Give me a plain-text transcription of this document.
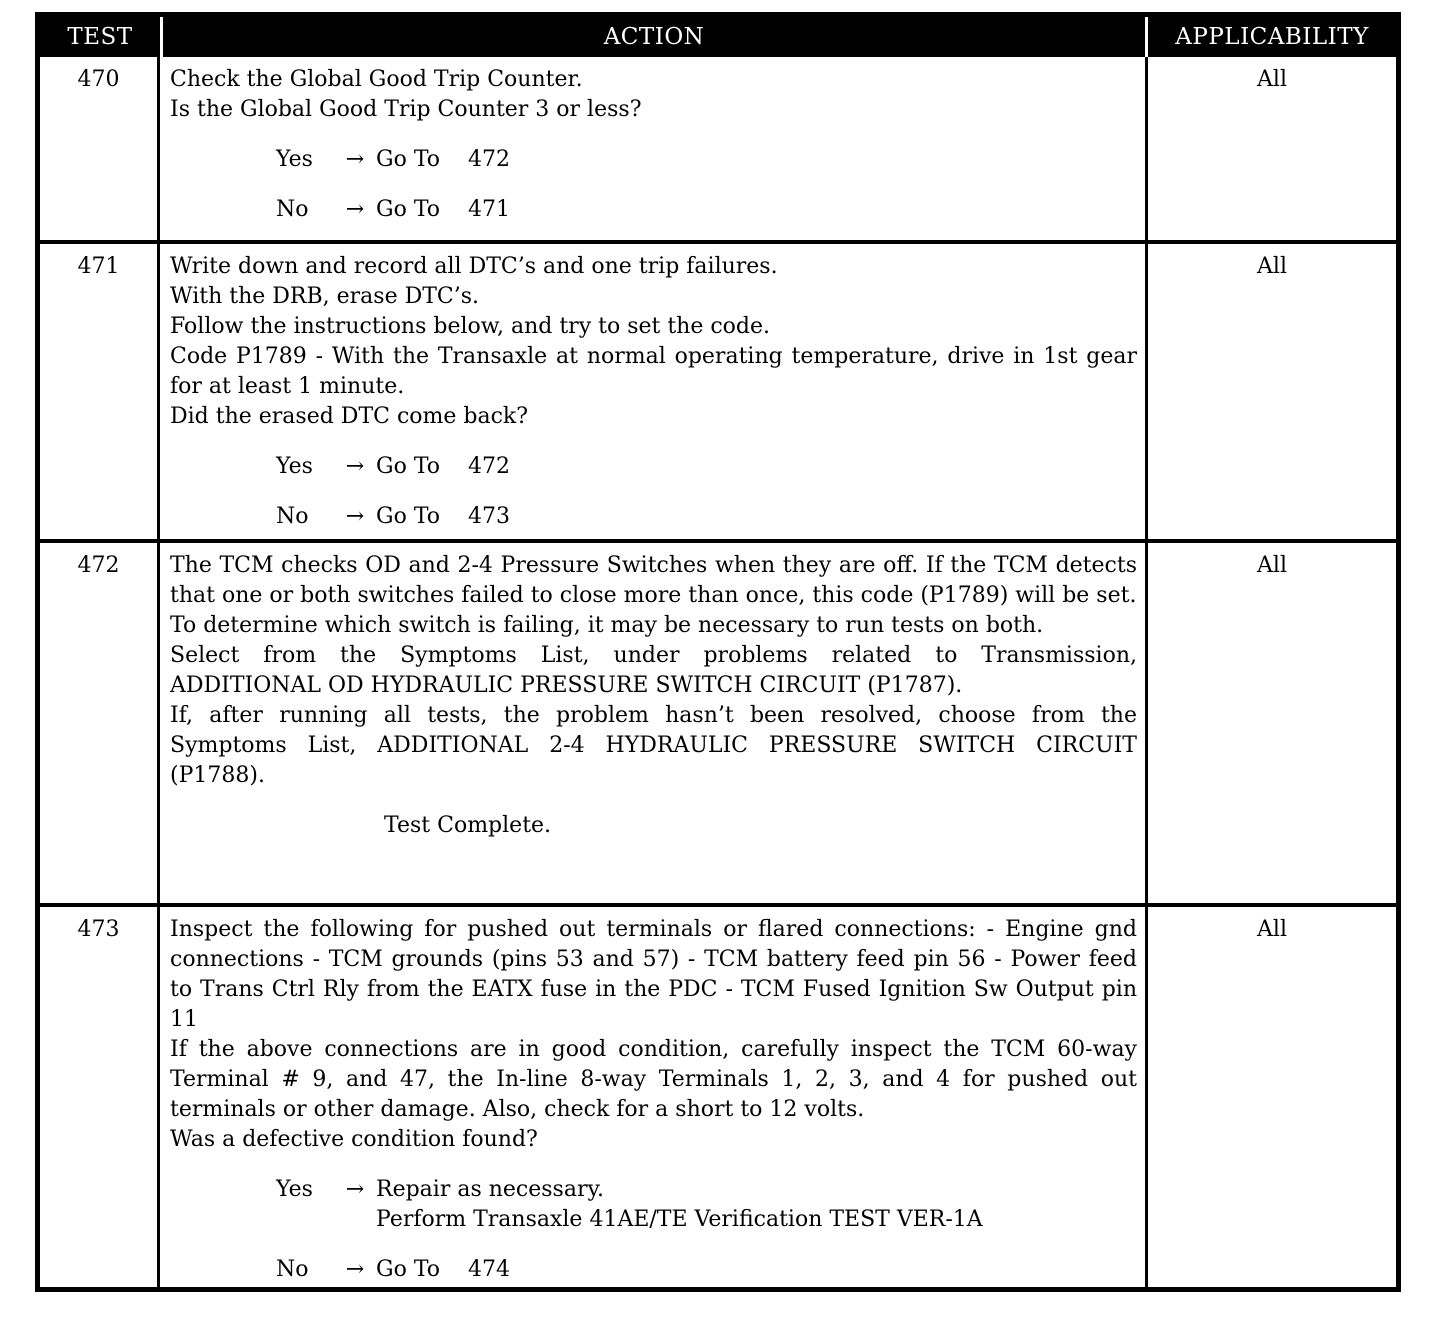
TEST	ACTION	APPLICABILITY
470	Check the Global Good Trip Counter.
Is the Global Good Trip Counter 3 or less?
Yes	→ Go To	472
No	→ Go To	471
All
471	Write down and record all DTC’s and one trip failures.
With the DRB, erase DTC’s.
Follow the instructions below, and try to set the code.
Code P1789 - With the Transaxle at normal operating temperature, drive in 1st gear for at least 1 minute.
Did the erased DTC come back?
Yes	→ Go To	472
No	→ Go To	473
All
472	The TCM checks OD and 2-4 Pressure Switches when they are off. If the TCM detects that one or both switches failed to close more than once, this code (P1789) will be set.
To determine which switch is failing, it may be necessary to run tests on both.
Select from the Symptoms List, under problems related to Transmission, ADDITIONAL OD HYDRAULIC PRESSURE SWITCH CIRCUIT (P1787).
If, after running all tests, the problem hasn’t been resolved, choose from the Symptoms List, ADDITIONAL 2-4 HYDRAULIC PRESSURE SWITCH CIRCUIT (P1788).
Test Complete.
All
473	Inspect the following for pushed out terminals or flared connections: - Engine gnd connections - TCM grounds (pins 53 and 57) - TCM battery feed pin 56 - Power feed to Trans Ctrl Rly from the EATX fuse in the PDC - TCM Fused Ignition Sw Output pin 11
If the above connections are in good condition, carefully inspect the TCM 60-way Terminal # 9, and 47, the In-line 8-way Terminals 1, 2, 3, and 4 for pushed out terminals or other damage. Also, check for a short to 12 volts.
Was a defective condition found?
Yes	→ Repair as necessary.
Perform Transaxle 41AE/TE Verification TEST VER-1A
No	→ Go To	474
All
